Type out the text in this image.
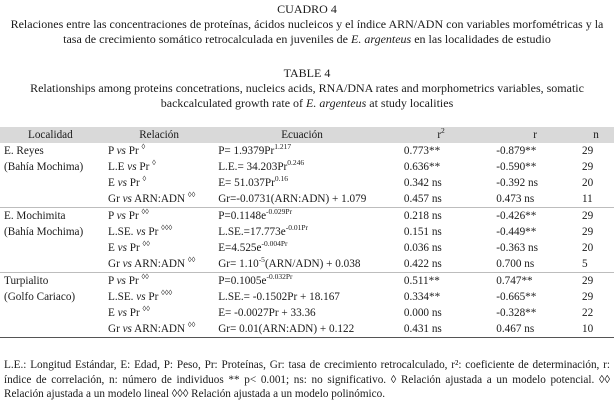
CUADRO 4
Relaciones entre las concentraciones de proteínas, ácidos nucleicos y el índice ARN/ADN con variables morfométricas y la tasa de crecimiento somático retrocalculada en juveniles de E. argenteus en las localidades de estudio
TABLE 4
Relationships among proteins concetrations, nucleics acids, RNA/DNA rates and morphometrics variables, somatic backcalculated growth rate of E. argenteus at study localities
Localidad	Relación	Ecuación	$r^2$	r	n
E. Reyes	P vs Pr ◊	$P= 1.9379Pr^{1.217}$	0.773**	-0.879**	29
(Bahía Mochima)	L.E vs Pr ◊	$L.E.= 34.203Pr^{0.246}$	0.636**	-0.590**	29
	E vs Pr ◊	$E= 51.037Pr^{0.16}$	0.342 ns	-0.392 ns	20
	Gr vs ARN:ADN ◊◊	Gr=-0.0731(ARN:ADN) + 1.079	0.457 ns	0.473 ns	11
E. Mochimita	P vs Pr ◊◊	$P=0.1148e^{-0.029Pr}$	0.218 ns	-0.426**	29
(Bahía Mochima)	L.SE. vs Pr ◊◊◊	$L.SE.=17.773e^{-0.01Pr}$	0.151 ns	-0.449**	29
	E vs Pr ◊◊	$E=4.525e^{-0.004Pr}$	0.036 ns	-0.363 ns	20
	Gr vs ARN:ADN ◊◊	$Gr= 1.10^{-5}(ARN/ADN) + 0.038$	0.422 ns	0.700 ns	5
Turpialito	P vs Pr ◊◊	$P=0.1005e^{-0.032Pr}$	0.511**	0.747**	29
(Golfo Cariaco)	L.SE. vs Pr ◊◊◊	L.SE.= -0.1502Pr + 18.167	0.334**	-0.665**	29
	E vs Pr ◊◊	E= -0.0027Pr + 33.36	0.000 ns	-0.328**	22
	Gr vs ARN:ADN ◊◊	Gr= 0.01(ARN:ADN) + 0.122	0.431 ns	0.467 ns	10
L.E.: Longitud Estándar, E: Edad, P: Peso, Pr: Proteínas, Gr: tasa de crecimiento retrocalculado, r²: coeficiente de determinación, r: índice de correlación, n: número de individuos ** p< 0.001; ns: no significativo. ◊ Relación ajustada a un modelo potencial. ◊◊ Relación ajustada a un modelo lineal ◊◊◊ Relación ajustada a un modelo polinómico.
